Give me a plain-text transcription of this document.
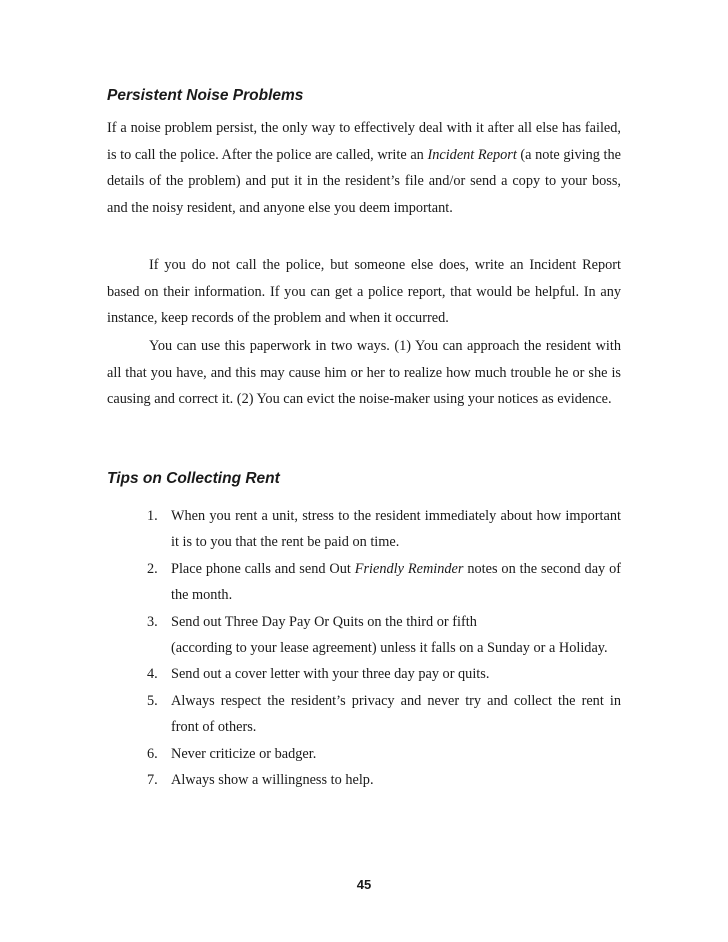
Persistent Noise Problems

If a noise problem persist, the only way to effectively deal with it after all else has failed, is to call the police. After the police are called, write an Incident Report (a note giving the details of the problem) and put it in the resident’s file and/or send a copy to your boss, and the noisy resident, and anyone else you deem important.

If you do not call the police, but someone else does, write an Incident Report based on their information. If you can get a police report, that would be helpful. In any instance, keep records of the problem and when it occurred.

You can use this paperwork in two ways. (1) You can approach the resident with all that you have, and this may cause him or her to realize how much trouble he or she is causing and correct it. (2) You can evict the noise-maker using your notices as evidence.

Tips on Collecting Rent
1. When you rent a unit, stress to the resident immediately about how important it is to you that the rent be paid on time.
2. Place phone calls and send Out Friendly Reminder notes on the second day of the month.
3. Send out Three Day Pay Or Quits on the third or fifth
(according to your lease agreement) unless it falls on a Sunday or a Holiday.
4. Send out a cover letter with your three day pay or quits.
5. Always respect the resident’s privacy and never try and collect the rent in front of others.
6. Never criticize or badger.
7. Always show a willingness to help.

45
